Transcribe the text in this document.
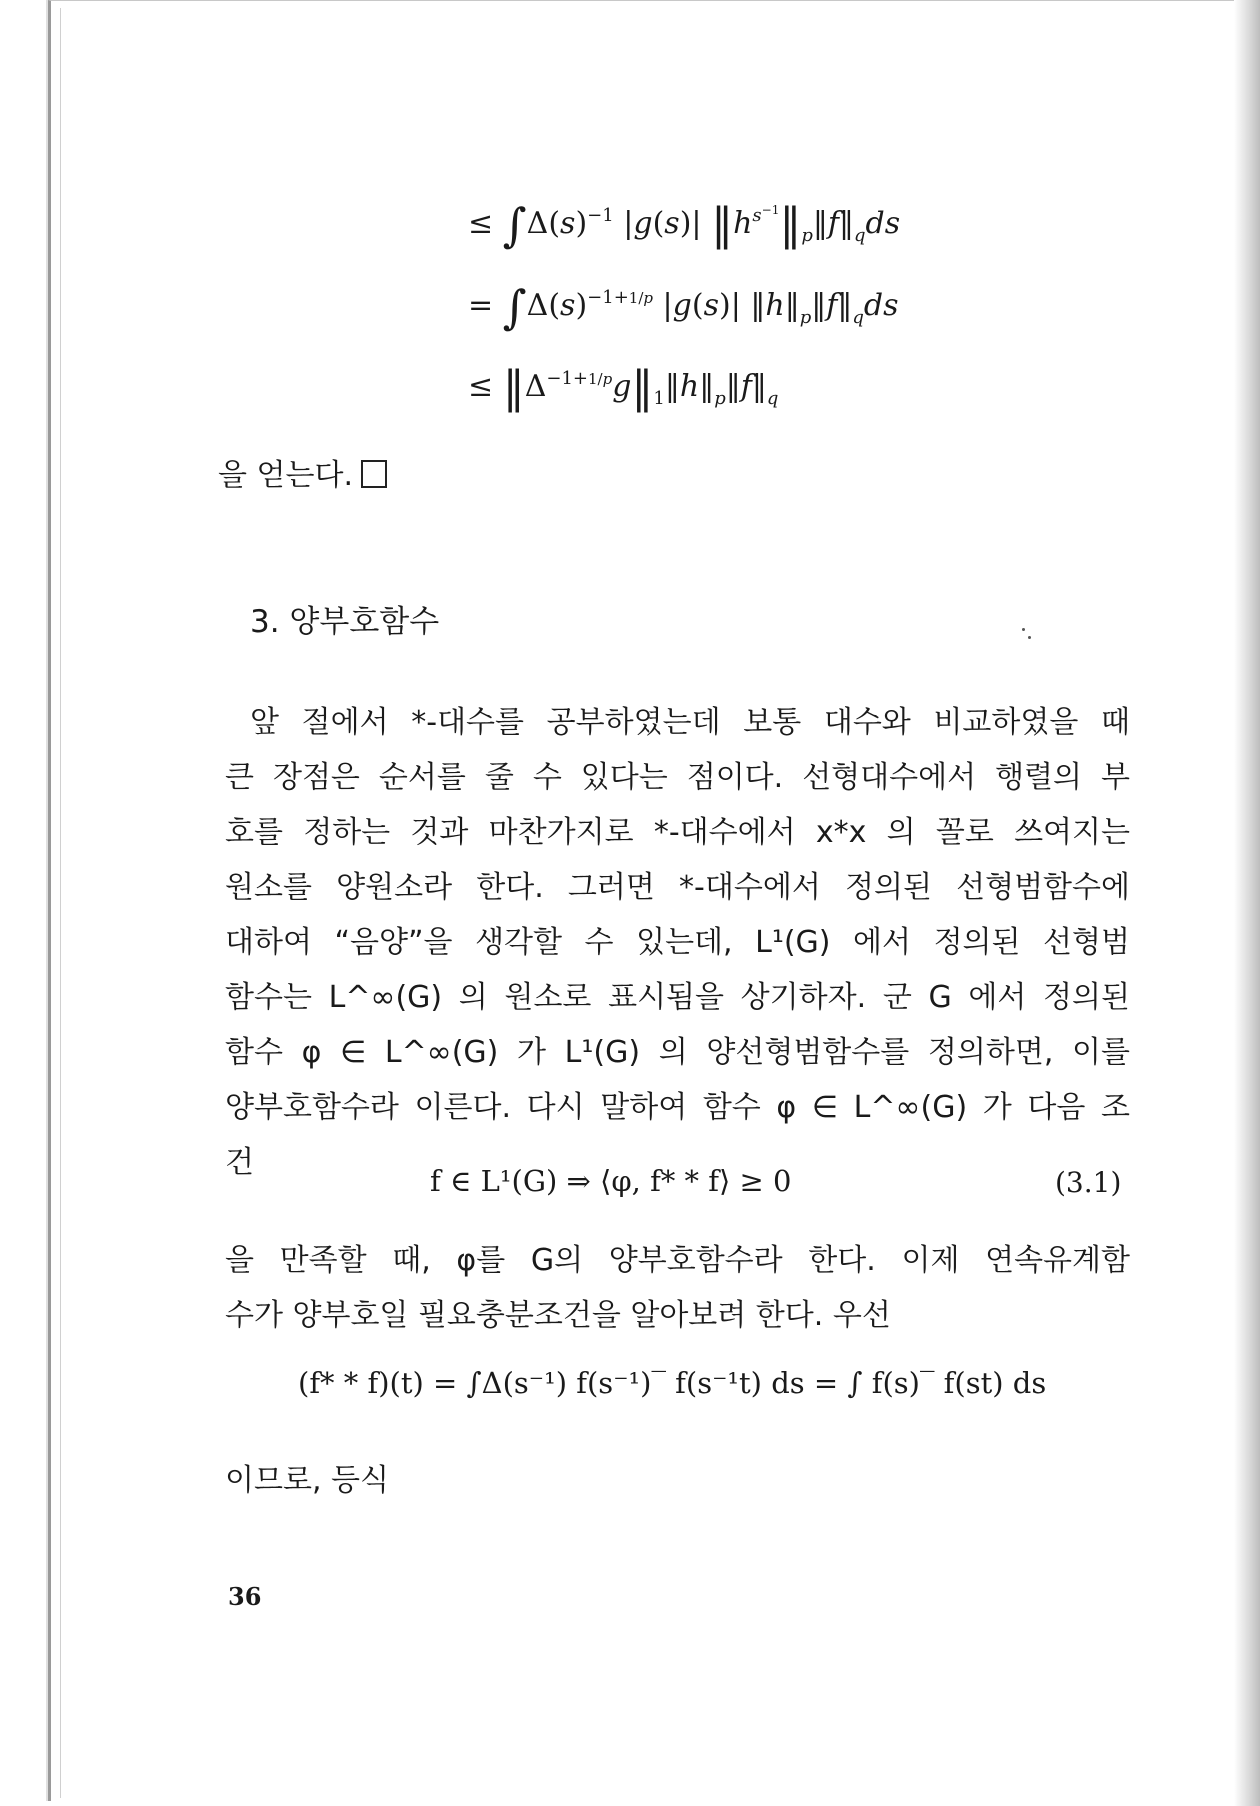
≤ $\int\Delta(s)^{-1}$ |g(s)| $‖h^{s^{-1}}‖_p‖f‖_qds$
= $\int\Delta(s)^{-1+1/p}$ |g(s)| $‖h‖_p‖f‖_qds$
≤ $‖\Delta^{-1+1/p}g‖_1‖h‖_p‖f‖_q$
을 얻는다.
3. 양부호함수
앞 절에서 *-대수를 공부하였는데 보통 대수와 비교하였을 때
큰 장점은 순서를 줄 수 있다는 점이다. 선형대수에서 행렬의 부
호를 정하는 것과 마찬가지로 *-대수에서 x*x 의 꼴로 쓰여지는
원소를 양원소라 한다. 그러면 *-대수에서 정의된 선형범함수에
대하여 “음양”을 생각할 수 있는데, L¹(G) 에서 정의된 선형범
함수는 L^∞(G) 의 원소로 표시됨을 상기하자. 군 G 에서 정의된
함수 φ ∈ L^∞(G) 가 L¹(G) 의 양선형범함수를 정의하면, 이를
양부호함수라 이른다. 다시 말하여 함수 φ ∈ L^∞(G) 가 다음 조
건
f ∈ L¹(G) ⇒ ⟨φ, f* * f⟩ ≥ 0	(3.1)
을 만족할 때, φ를 G의 양부호함수라 한다. 이제 연속유계함
수가 양부호일 필요충분조건을 알아보려 한다. 우선
(f* * f)(t) = ∫Δ(s⁻¹) f(s⁻¹)‾ f(s⁻¹t) ds = ∫ f(s)‾ f(st) ds
이므로, 등식
36
